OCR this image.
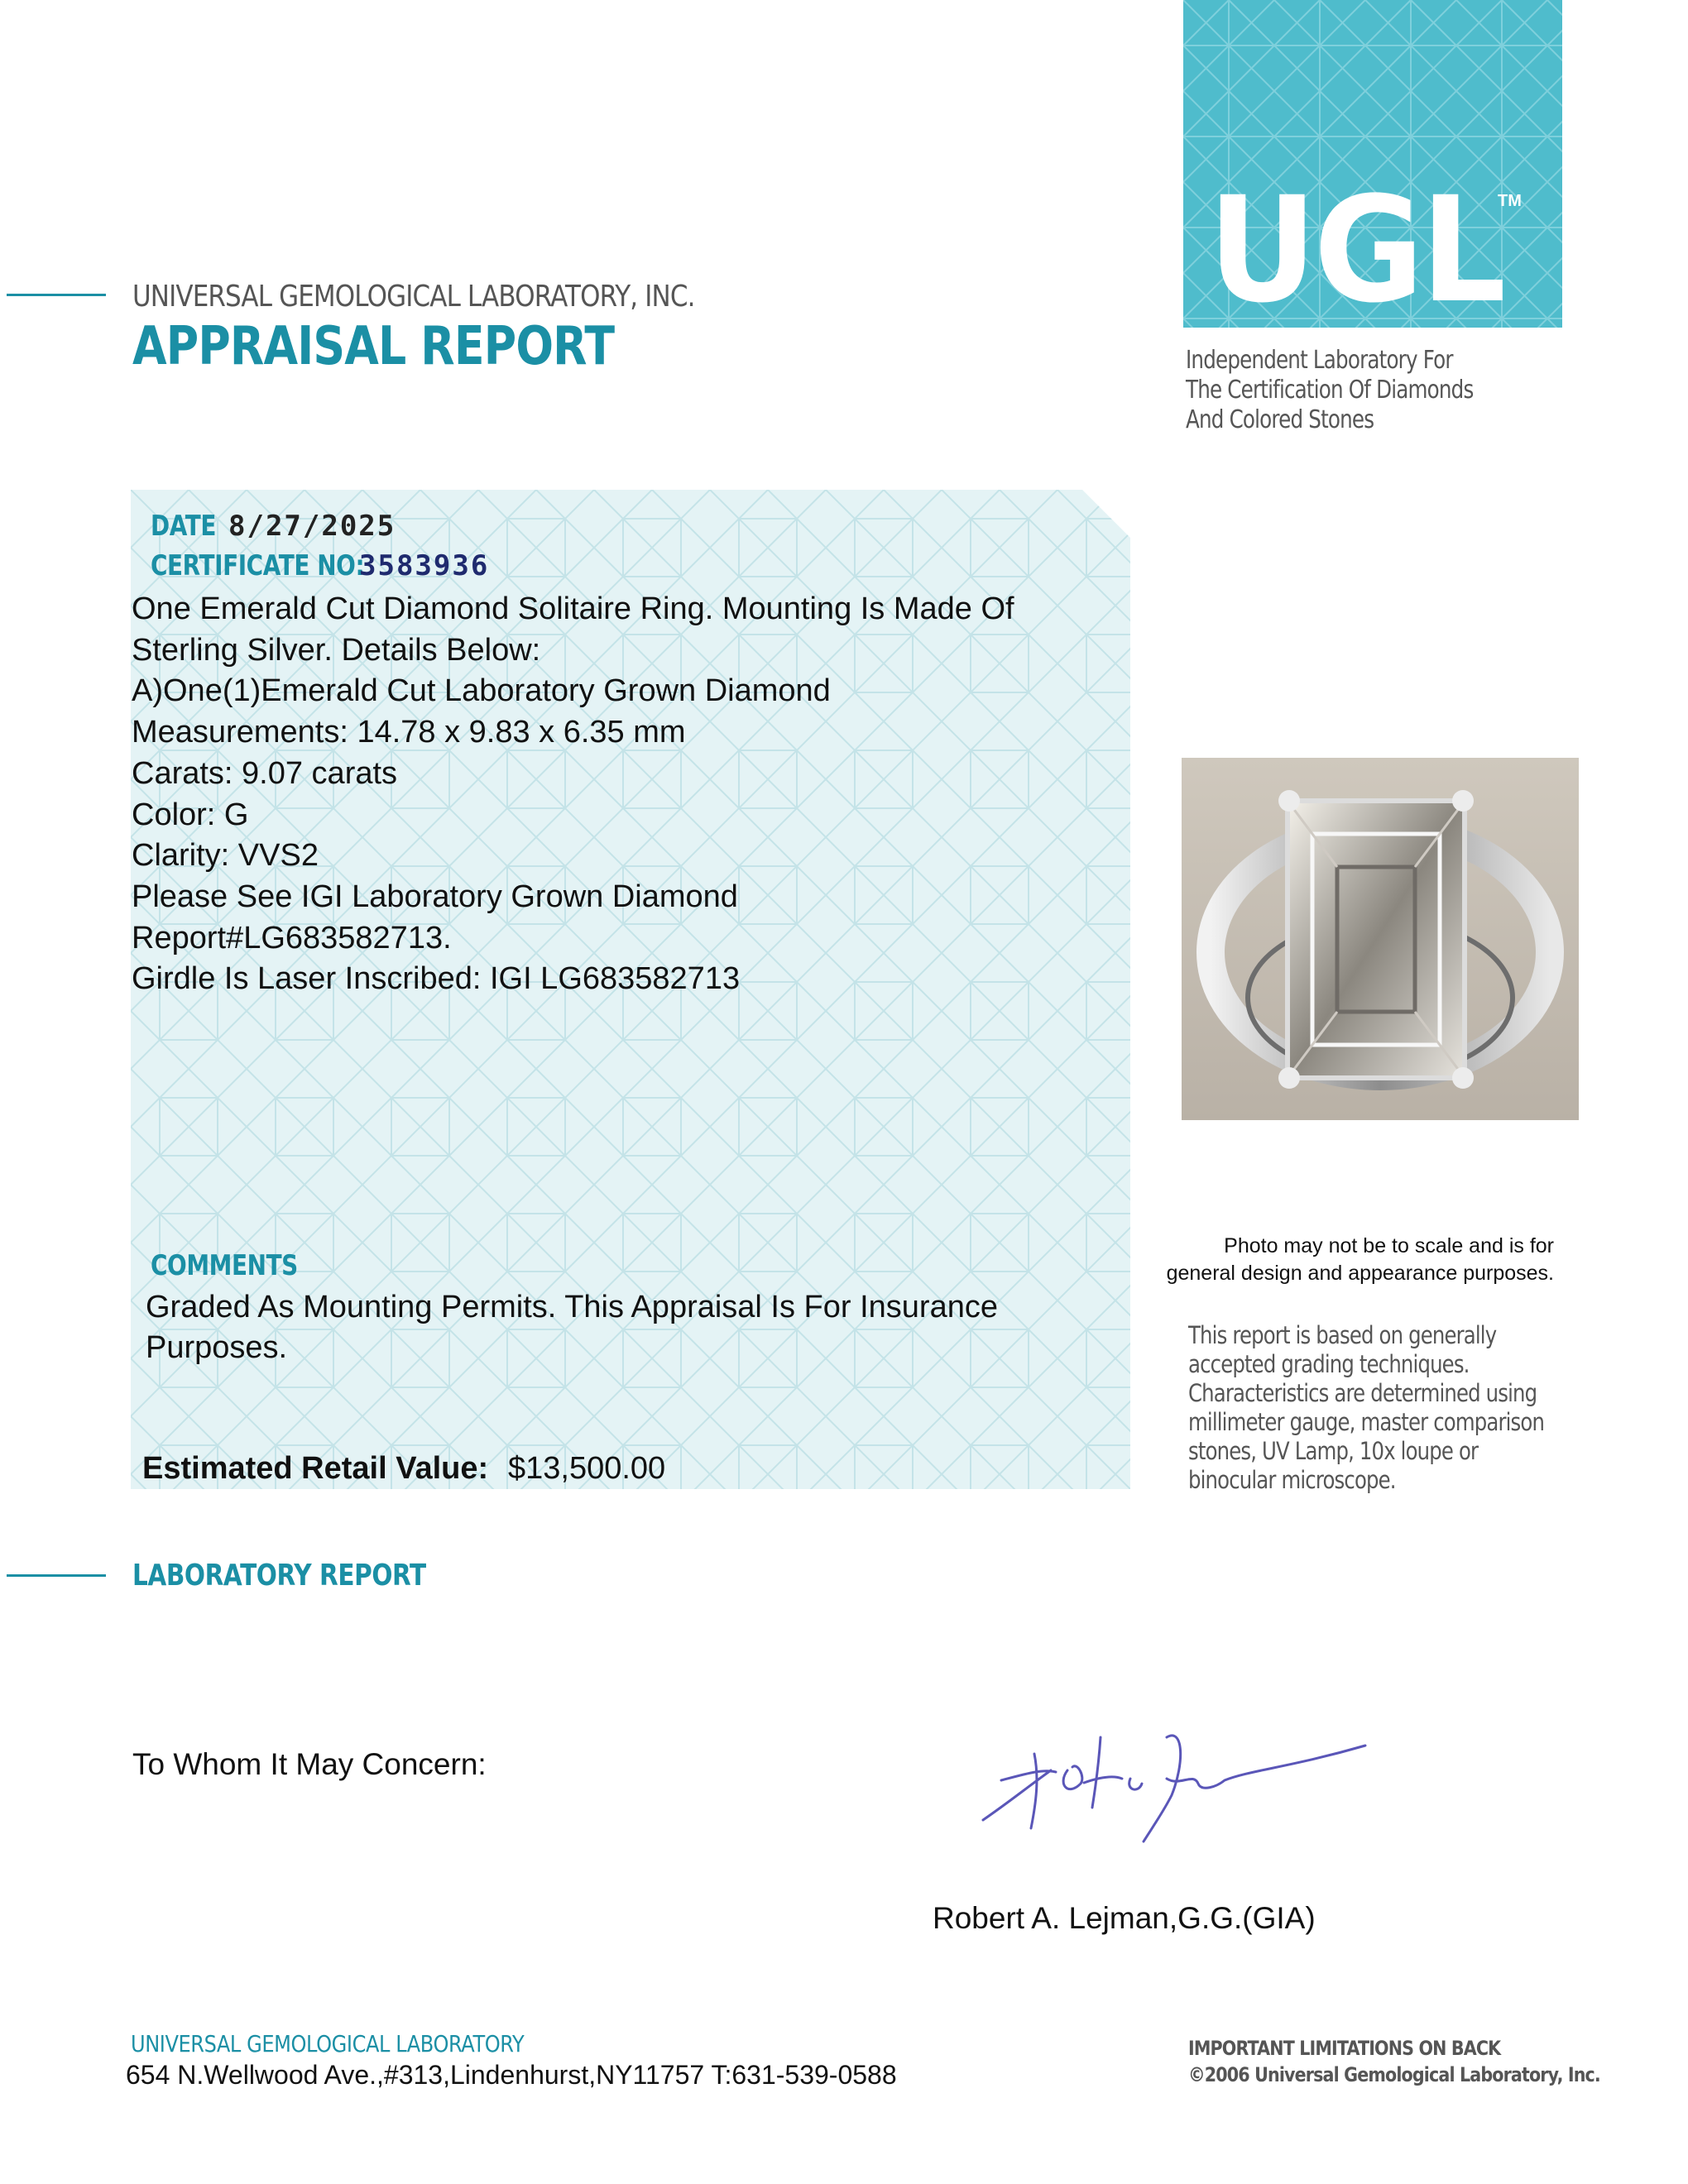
UNIVERSAL GEMOLOGICAL LABORATORY, INC.
APPRAISAL REPORT
UGL
TM
Independent Laboratory For
The Certification Of Diamonds
And Colored Stones
DATE 8/27/2025
CERTIFICATE NO:
3583936
One Emerald Cut Diamond Solitaire Ring. Mounting Is Made Of
Sterling Silver. Details Below:
A)One(1)Emerald Cut Laboratory Grown Diamond
Measurements: 14.78 x 9.83 x 6.35 mm
Carats: 9.07 carats
Color: G
Clarity: VVS2
Please See IGI Laboratory Grown Diamond
Report#LG683582713.
Girdle Is Laser Inscribed: IGI LG683582713
COMMENTS
Graded As Mounting Permits. This Appraisal Is For Insurance Purposes.
Estimated Retail Value: $13,500.00
Photo may not be to scale and is for
general design and appearance purposes.
This report is based on generally
accepted grading techniques.
Characteristics are determined using
millimeter gauge, master comparison
stones, UV Lamp, 10x loupe or
binocular microscope.
LABORATORY REPORT
To Whom It May Concern:
Robert A. Lejman,G.G.(GIA)
UNIVERSAL GEMOLOGICAL LABORATORY
654 N.Wellwood Ave.,#313,Lindenhurst,NY11757 T:631-539-0588
IMPORTANT LIMITATIONS ON BACK
©2006 Universal Gemological Laboratory, Inc.
